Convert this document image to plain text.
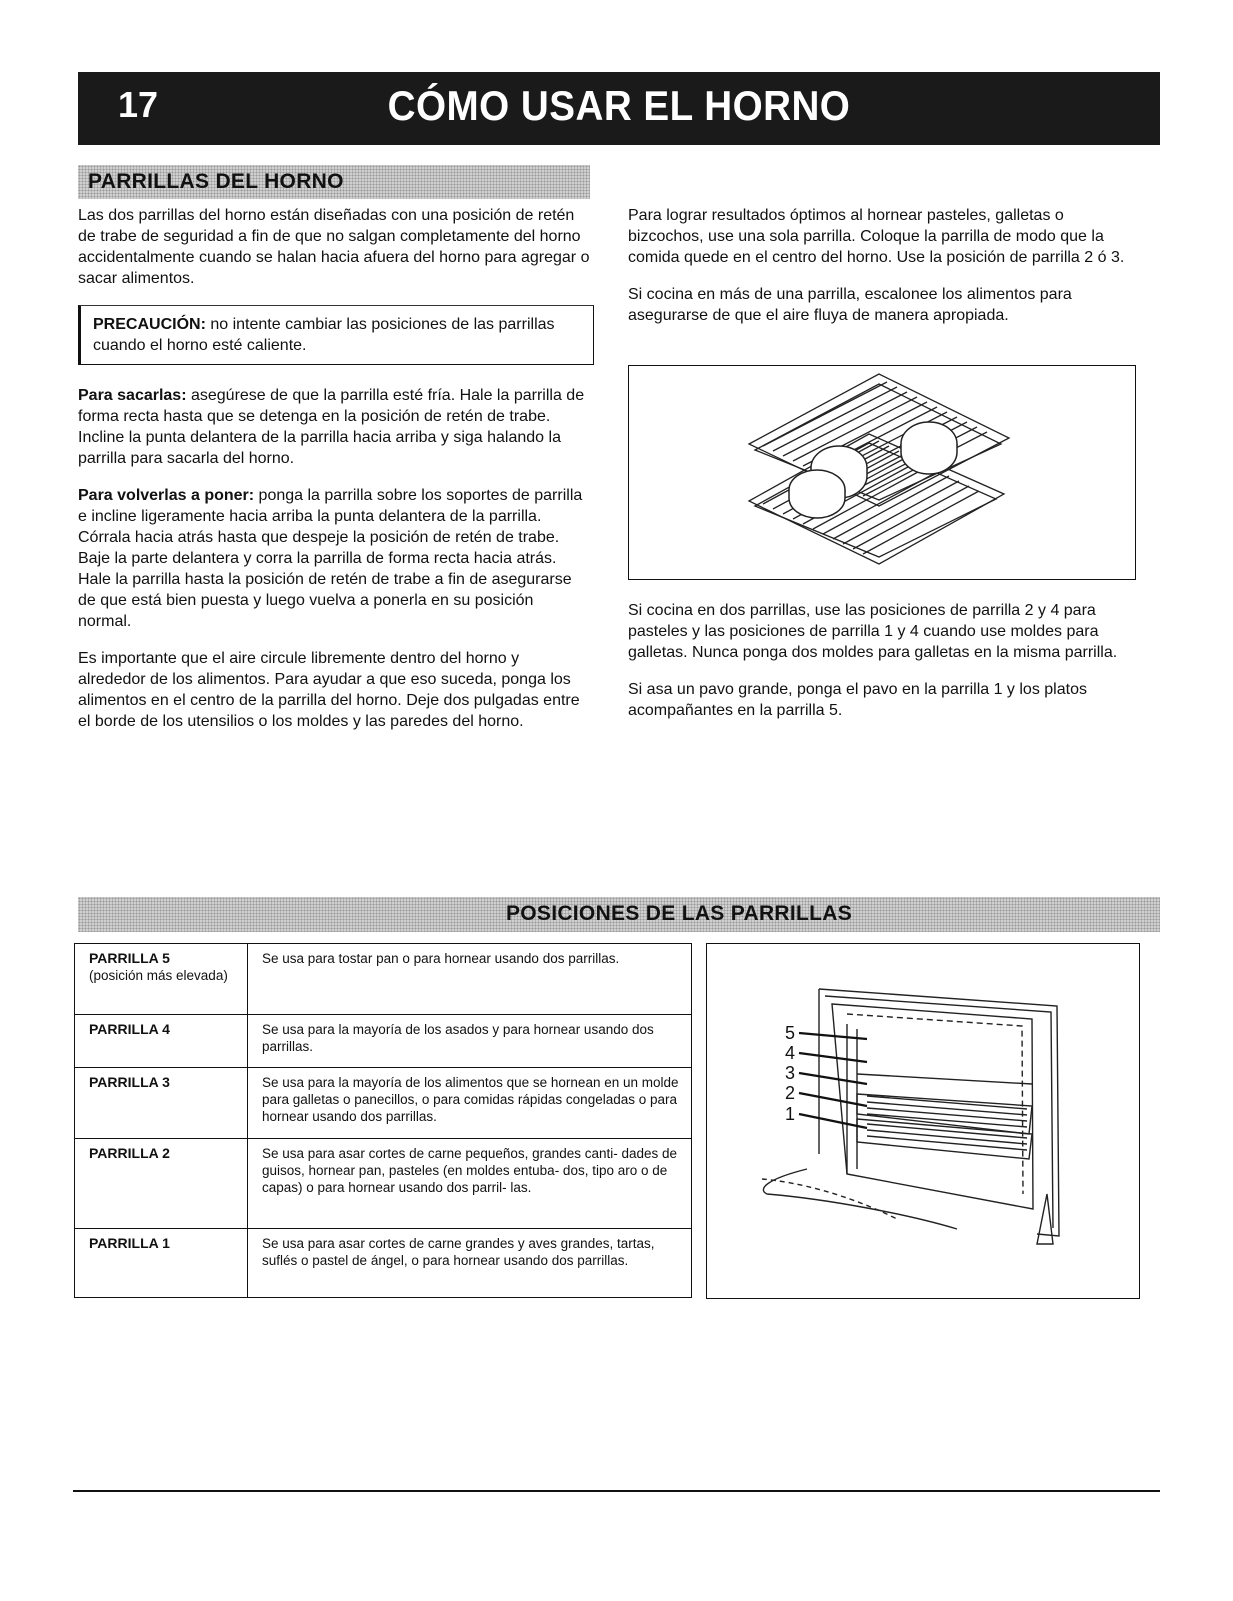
17	CÓMO USAR EL HORNO
PARRILLAS DEL HORNO

Las dos parrillas del horno están diseñadas con una posición de retén de trabe de seguridad a fin de que no salgan completamente del horno accidentalmente cuando se halan hacia afuera del horno para agregar o sacar alimentos.

PRECAUCIÓN: no intente cambiar las posiciones de las parrillas cuando el horno esté caliente.

Para sacarlas: asegúrese de que la parrilla esté fría. Hale la parrilla de forma recta hasta que se detenga en la posición de retén de trabe. Incline la punta delantera de la parrilla hacia arriba y siga halando la parrilla para sacarla del horno.

Para volverlas a poner: ponga la parrilla sobre los soportes de parrilla e incline ligeramente hacia arriba la punta delantera de la parrilla. Córrala hacia atrás hasta que despeje la posición de retén de trabe. Baje la parte delantera y corra la parrilla de forma recta hacia atrás. Hale la parrilla hasta la posición de retén de trabe a fin de asegurarse de que está bien puesta y luego vuelva a ponerla en su posición normal.

Es importante que el aire circule libremente dentro del horno y alrededor de los alimentos. Para ayudar a que eso suceda, ponga los alimentos en el centro de la parrilla del horno. Deje dos pulgadas entre el borde de los utensilios o los moldes y las paredes del horno.

Para lograr resultados óptimos al hornear pasteles, galletas o bizcochos, use una sola parrilla. Coloque la parrilla de modo que la comida quede en el centro del horno. Use la posición de parrilla 2 ó 3.

Si cocina en más de una parrilla, escalonee los alimentos para asegurarse de que el aire fluya de manera apropiada.

Si cocina en dos parrillas, use las posiciones de parrilla 2 y 4 para pasteles y las posiciones de parrilla 1 y 4 cuando use moldes para galletas. Nunca ponga dos moldes para galletas en la misma parrilla.

Si asa un pavo grande, ponga el pavo en la parrilla 1 y los platos acompañantes en la parrilla 5.

POSICIONES DE LAS PARRILLAS
PARRILLA 5
(posición más elevada)	Se usa para tostar pan o para hornear usando dos parrillas.
PARRILLA 4	Se usa para la mayoría de los asados y para hornear usando dos parrillas.
PARRILLA 3	Se usa para la mayoría de los alimentos que se hornean en un molde para galletas o panecillos, o para comidas rápidas congeladas o para hornear usando dos parrillas.
PARRILLA 2	Se usa para asar cortes de carne pequeños, grandes canti- dades de guisos, hornear pan, pasteles (en moldes entuba- dos, tipo aro o de capas) o para hornear usando dos parril- las.
PARRILLA 1	Se usa para asar cortes de carne grandes y aves grandes, tartas, suflés o pastel de ángel, o para hornear usando dos parrillas.
5
4
3
2
1
